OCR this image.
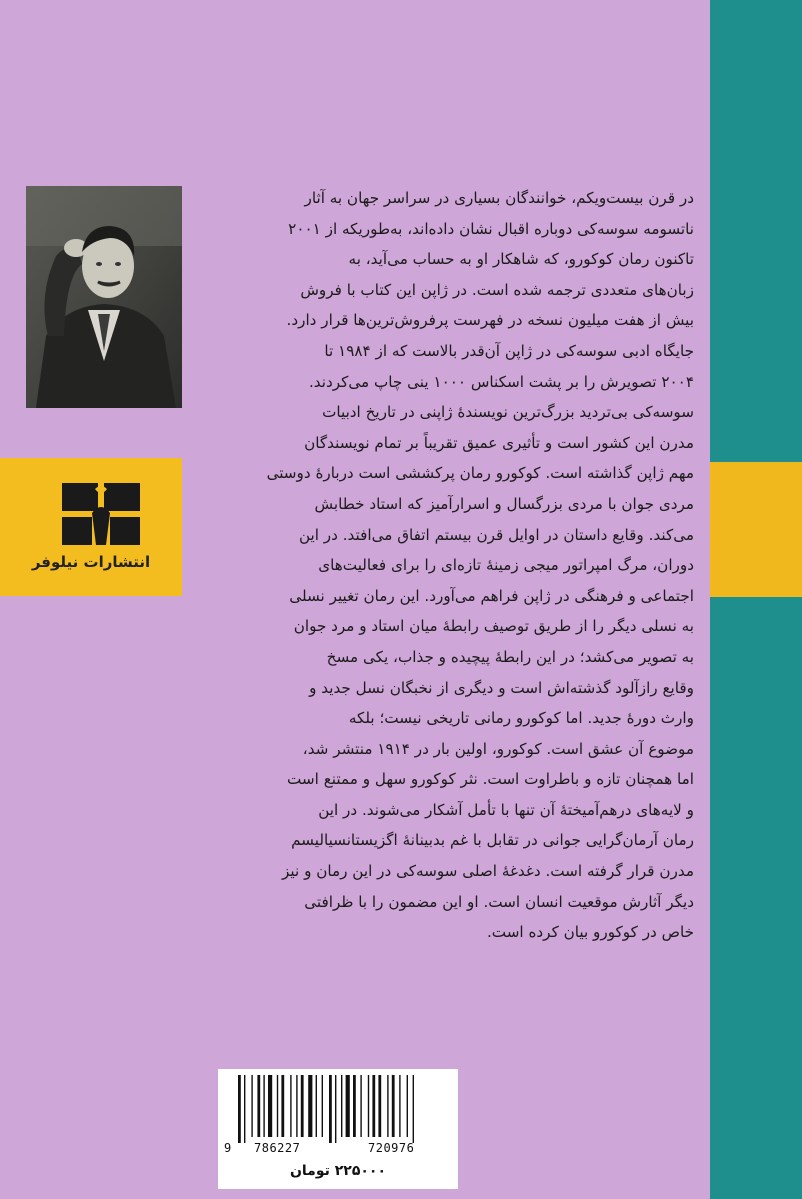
انتشارات نیلوفر
در قرن بیست‌ویکم، خوانندگان بسیاری در سراسر جهان به آثار
ناتسومه سوسه‌کی دوباره اقبال نشان داده‌اند، به‌طوریکه از ۲۰۰۱
تاکنون رمان کوکورو، که شاهکار او به حساب می‌آید، به
زبان‌های متعددی ترجمه شده است. در ژاپن این کتاب با فروش
بیش از هفت میلیون نسخه در فهرست پرفروش‌ترین‌ها قرار دارد.
جایگاه ادبی سوسه‌کی در ژاپن آن‌قدر بالاست که از ۱۹۸۴ تا
۲۰۰۴ تصویرش را بر پشت اسکناس ۱۰۰۰ ینی چاپ می‌کردند.
سوسه‌کی بی‌تردید بزرگ‌ترین نویسندهٔ ژاپنی در تاریخ ادبیات
مدرن این کشور است و تأثیری عمیق تقریباً بر تمام نویسندگان
مهم ژاپن گذاشته است. کوکورو رمان پرکششی است دربارهٔ دوستی
مردی جوان با مردی بزرگسال و اسرارآمیز که استاد خطابش
می‌کند. وقایع داستان در اوایل قرن بیستم اتفاق می‌افتد. در این
دوران، مرگ امپراتور میجی زمینهٔ تازه‌ای را برای فعالیت‌های
اجتماعی و فرهنگی در ژاپن فراهم می‌آورد. این رمان تغییر نسلی
به نسلی دیگر را از طریق توصیف رابطهٔ میان استاد و مرد جوان
به تصویر می‌کشد؛ در این رابطهٔ پیچیده و جذاب، یکی مسخ
وقایع رازآلود گذشته‌اش است و دیگری از نخبگان نسل جدید و
وارث دورهٔ جدید. اما کوکورو رمانی تاریخی نیست؛ بلکه
موضوع آن عشق است. کوکورو، اولین بار در ۱۹۱۴ منتشر شد،
اما همچنان تازه و باطراوت است. نثر کوکورو سهل و ممتنع است
و لایه‌های درهم‌آمیختهٔ آن تنها با تأمل آشکار می‌شوند. در این
رمان آرمان‌گرایی جوانی در تقابل با غم بدبینانهٔ اگزیستانسیالیسم
مدرن قرار گرفته است. دغدغهٔ اصلی سوسه‌کی در این رمان و نیز
دیگر آثارش موقعیت انسان است. او این مضمون را با ظرافتی
خاص در کوکورو بیان کرده است.
9 786227	720976
۲۲۵۰۰۰ تومان
